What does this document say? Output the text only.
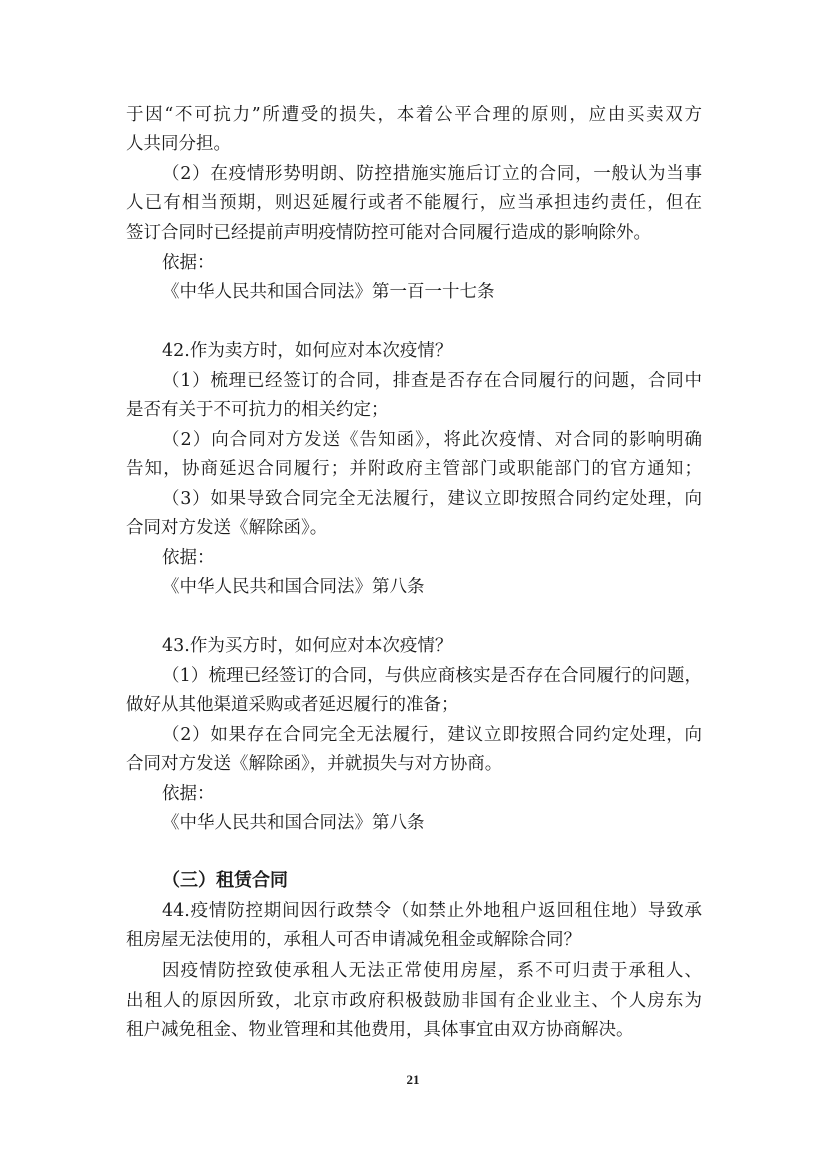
于因“不可抗力”所遭受的损失，本着公平合理的原则，应由买卖双方
人共同分担。
（2）在疫情形势明朗、防控措施实施后订立的合同，一般认为当事
人已有相当预期，则迟延履行或者不能履行，应当承担违约责任，但在
签订合同时已经提前声明疫情防控可能对合同履行造成的影响除外。
依据：
《中华人民共和国合同法》第一百一十七条
42.作为卖方时，如何应对本次疫情？
（1）梳理已经签订的合同，排查是否存在合同履行的问题，合同中
是否有关于不可抗力的相关约定；
（2）向合同对方发送《告知函》，将此次疫情、对合同的影响明确
告知，协商延迟合同履行；并附政府主管部门或职能部门的官方通知；
（3）如果导致合同完全无法履行，建议立即按照合同约定处理，向
合同对方发送《解除函》。
依据：
《中华人民共和国合同法》第八条
43.作为买方时，如何应对本次疫情？
（1）梳理已经签订的合同，与供应商核实是否存在合同履行的问题，
做好从其他渠道采购或者延迟履行的准备；
（2）如果存在合同完全无法履行，建议立即按照合同约定处理，向
合同对方发送《解除函》，并就损失与对方协商。
依据：
《中华人民共和国合同法》第八条
（三）租赁合同
44.疫情防控期间因行政禁令（如禁止外地租户返回租住地）导致承
租房屋无法使用的，承租人可否申请减免租金或解除合同？
因疫情防控致使承租人无法正常使用房屋，系不可归责于承租人、
出租人的原因所致，北京市政府积极鼓励非国有企业业主、个人房东为
租户减免租金、物业管理和其他费用，具体事宜由双方协商解决。
21
